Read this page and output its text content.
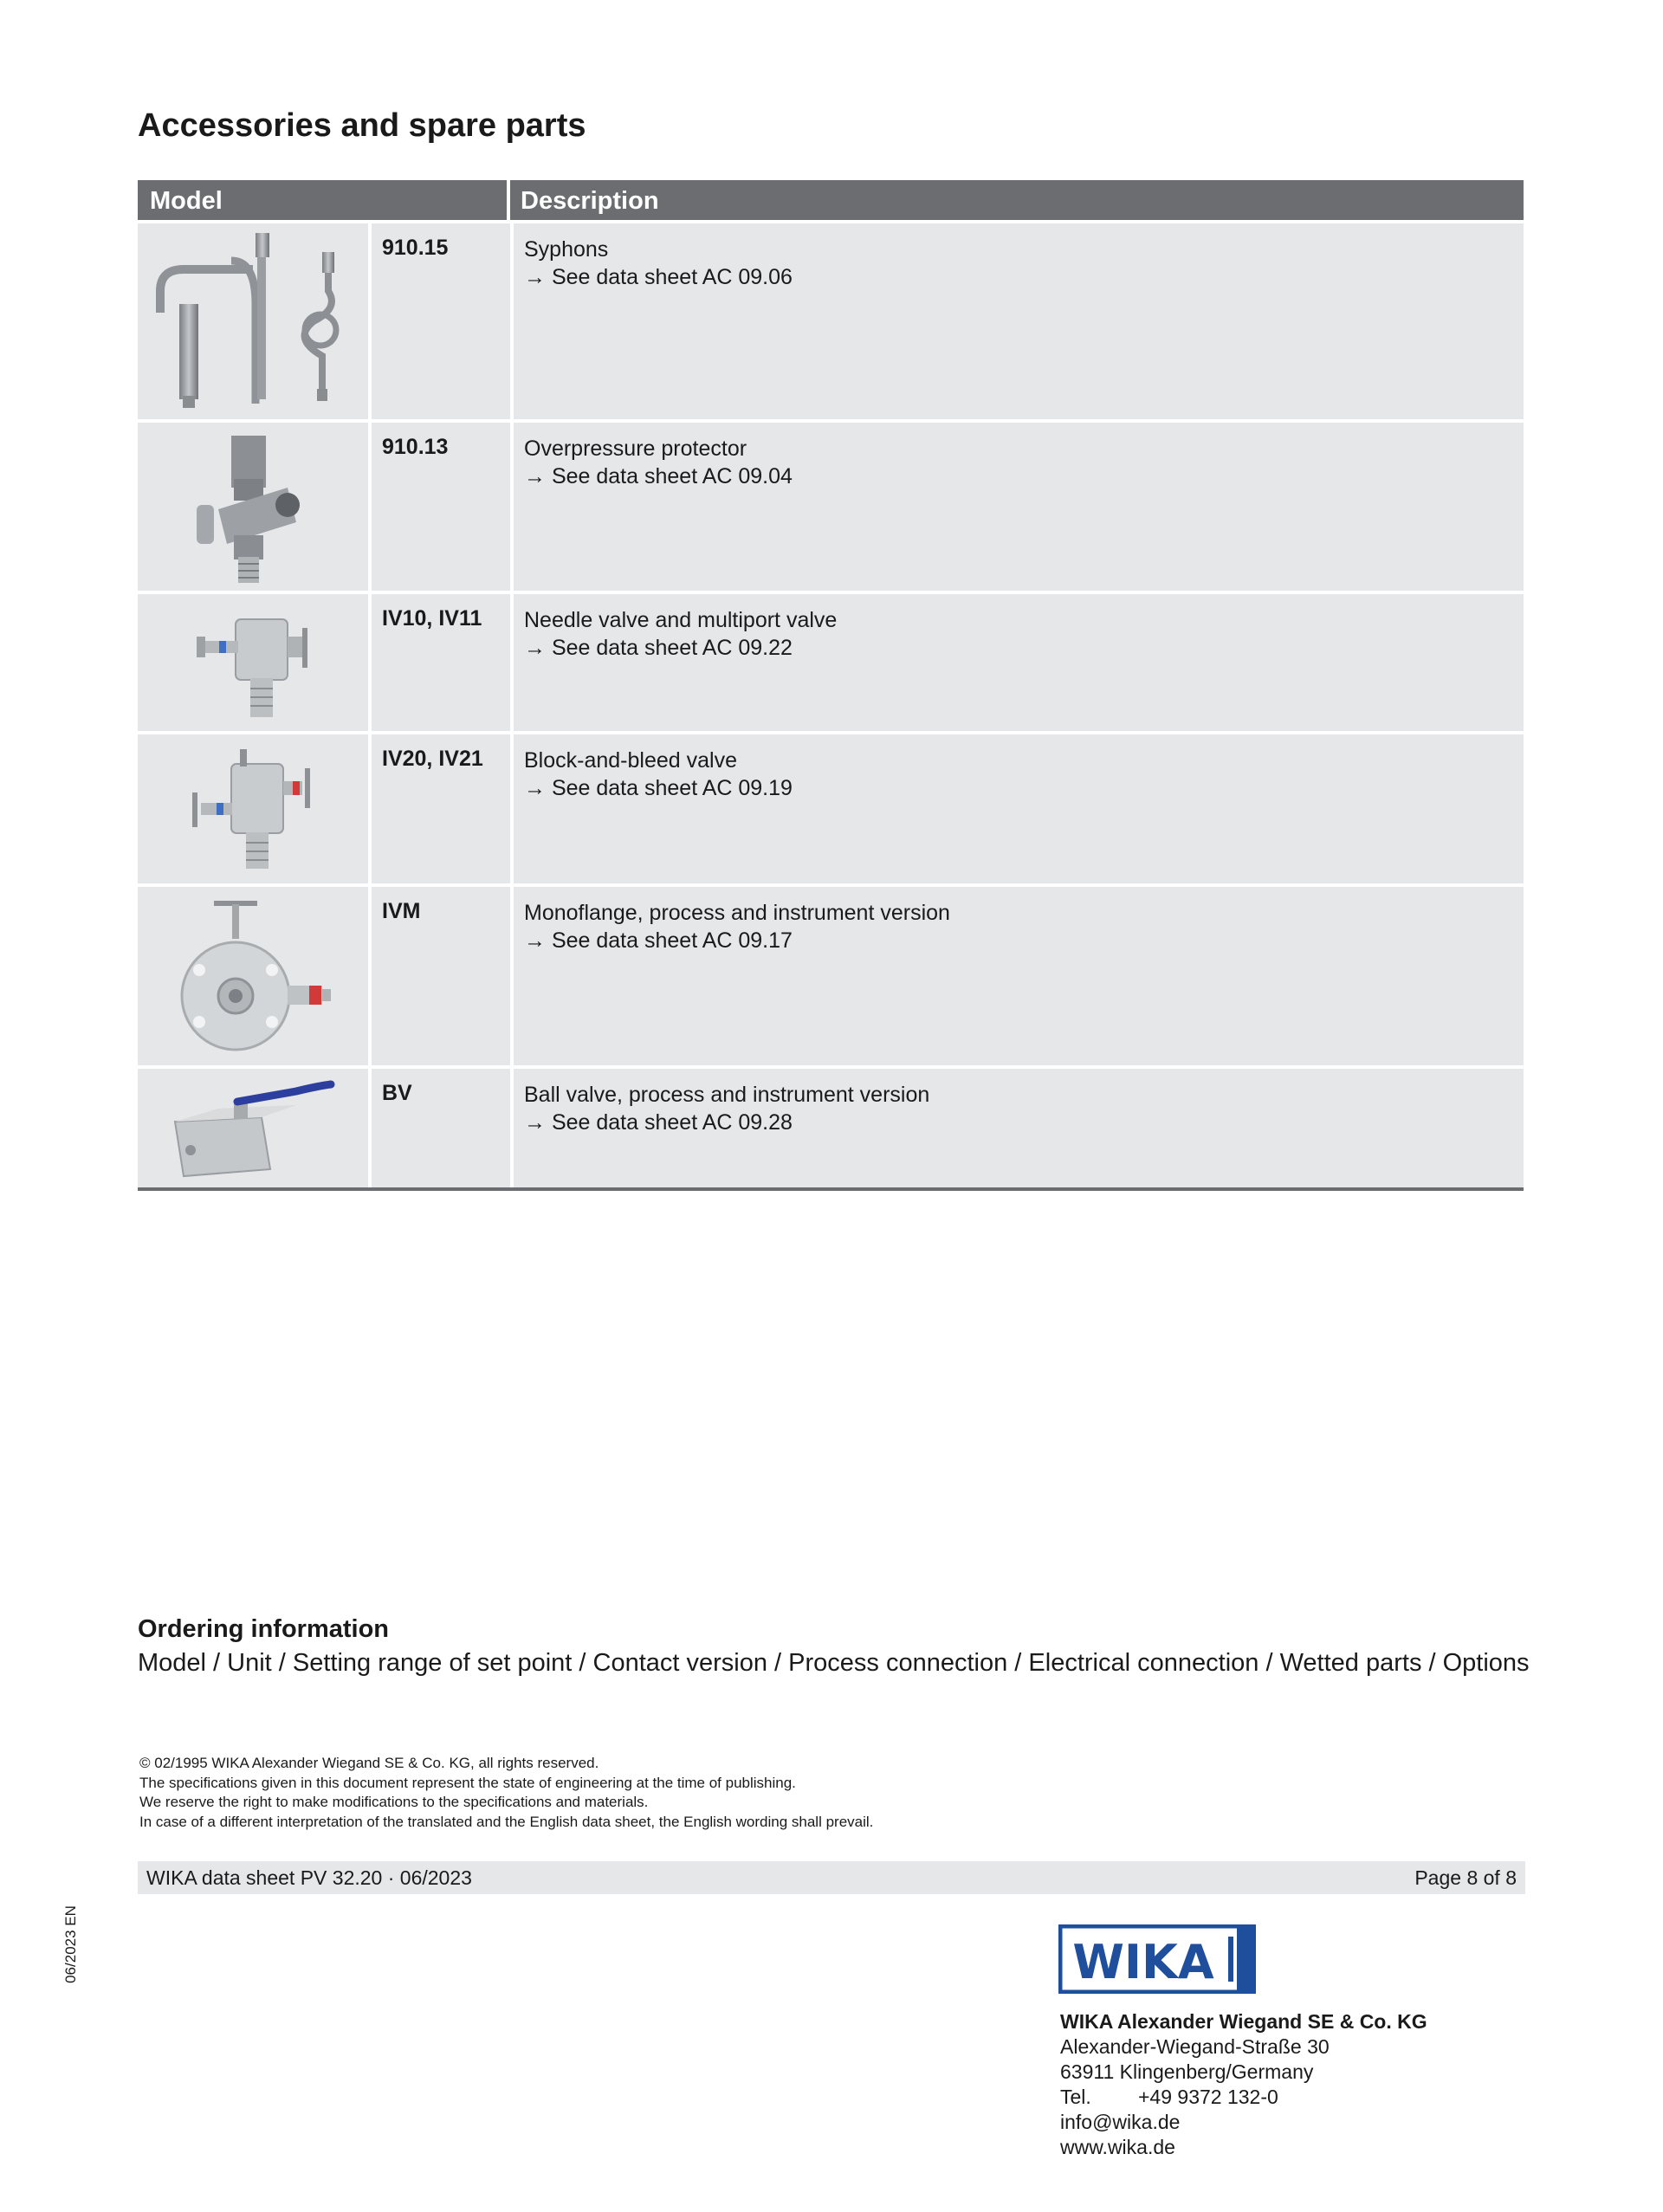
Accessories and spare parts
Model	Description
910.15	Syphons
→ See data sheet AC 09.06
910.13	Overpressure protector
→ See data sheet AC 09.04
IV10, IV11	Needle valve and multiport valve
→ See data sheet AC 09.22
IV20, IV21	Block-and-bleed valve
→ See data sheet AC 09.19
IVM	Monoflange, process and instrument version
→ See data sheet AC 09.17
BV	Ball valve, process and instrument version
→ See data sheet AC 09.28
Ordering information

Model / Unit / Setting range of set point / Contact version / Process connection / Electrical connection / Wetted parts / Options

© 02/1995 WIKA Alexander Wiegand SE & Co. KG, all rights reserved.
The specifications given in this document represent the state of engineering at the time of publishing.
We reserve the right to make modifications to the specifications and materials.
In case of a different interpretation of the translated and the English data sheet, the English wording shall prevail.
WIKA data sheet PV 32.20 · 06/2023	Page 8 of 8
06/2023 EN	WIKA
WIKA Alexander Wiegand SE & Co. KG
Alexander-Wiegand-Straße 30
63911 Klingenberg/Germany
Tel. +49 9372 132-0
info@wika.de
www.wika.de
